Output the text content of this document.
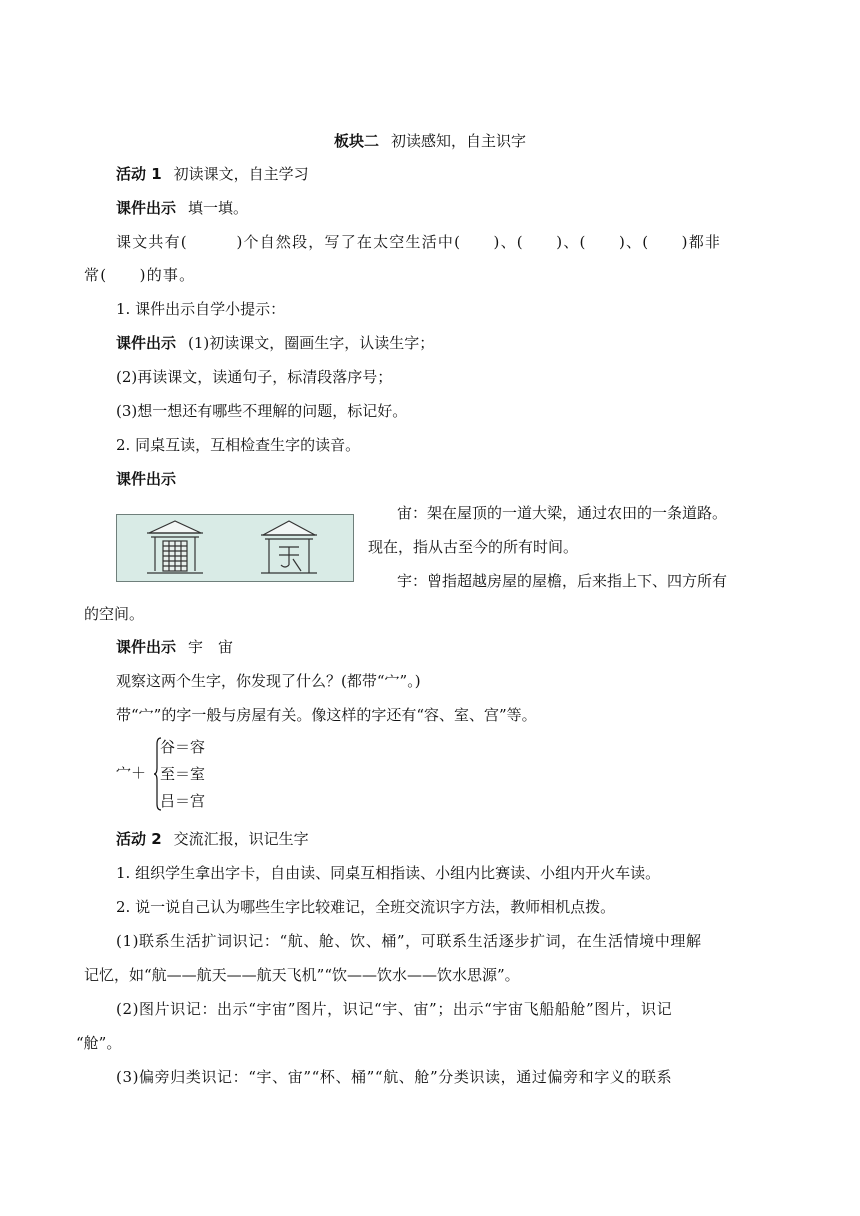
板块二 初读感知，自主识字
活动 1 初读课文，自主学习
课件出示 填一填。
课文共有(　　　)个自然段，写了在太空生活中(　　)、(　　)、(　　)、(　　)都非
常(　　)的事。
1. 课件出示自学小提示：
课件出示 (1)初读课文，圈画生字，认读生字；
(2)再读课文，读通句子，标清段落序号；
(3)想一想还有哪些不理解的问题，标记好。
2. 同桌互读，互相检查生字的读音。
课件出示
宙：架在屋顶的一道大梁，通过农田的一条道路。
现在，指从古至今的所有时间。
宇：曾指超越房屋的屋檐，后来指上下、四方所有
的空间。
课件出示 宇　宙
观察这两个生字，你发现了什么？(都带“宀”。)
带“宀”的字一般与房屋有关。像这样的字还有“容、室、宫”等。
宀＋
谷＝容
至＝室
吕＝宫
活动 2 交流汇报，识记生字
1. 组织学生拿出字卡，自由读、同桌互相指读、小组内比赛读、小组内开火车读。
2. 说一说自己认为哪些生字比较难记，全班交流识字方法，教师相机点拨。
(1)联系生活扩词识记：“航、舱、饮、桶”，可联系生活逐步扩词，在生活情境中理解
记忆，如“航——航天——航天飞机”“饮——饮水——饮水思源”。
(2)图片识记：出示“宇宙”图片，识记“宇、宙”；出示“宇宙飞船船舱”图片，识记
“舱”。
(3)偏旁归类识记：“宇、宙”“杯、桶”“航、舱”分类识读，通过偏旁和字义的联系
